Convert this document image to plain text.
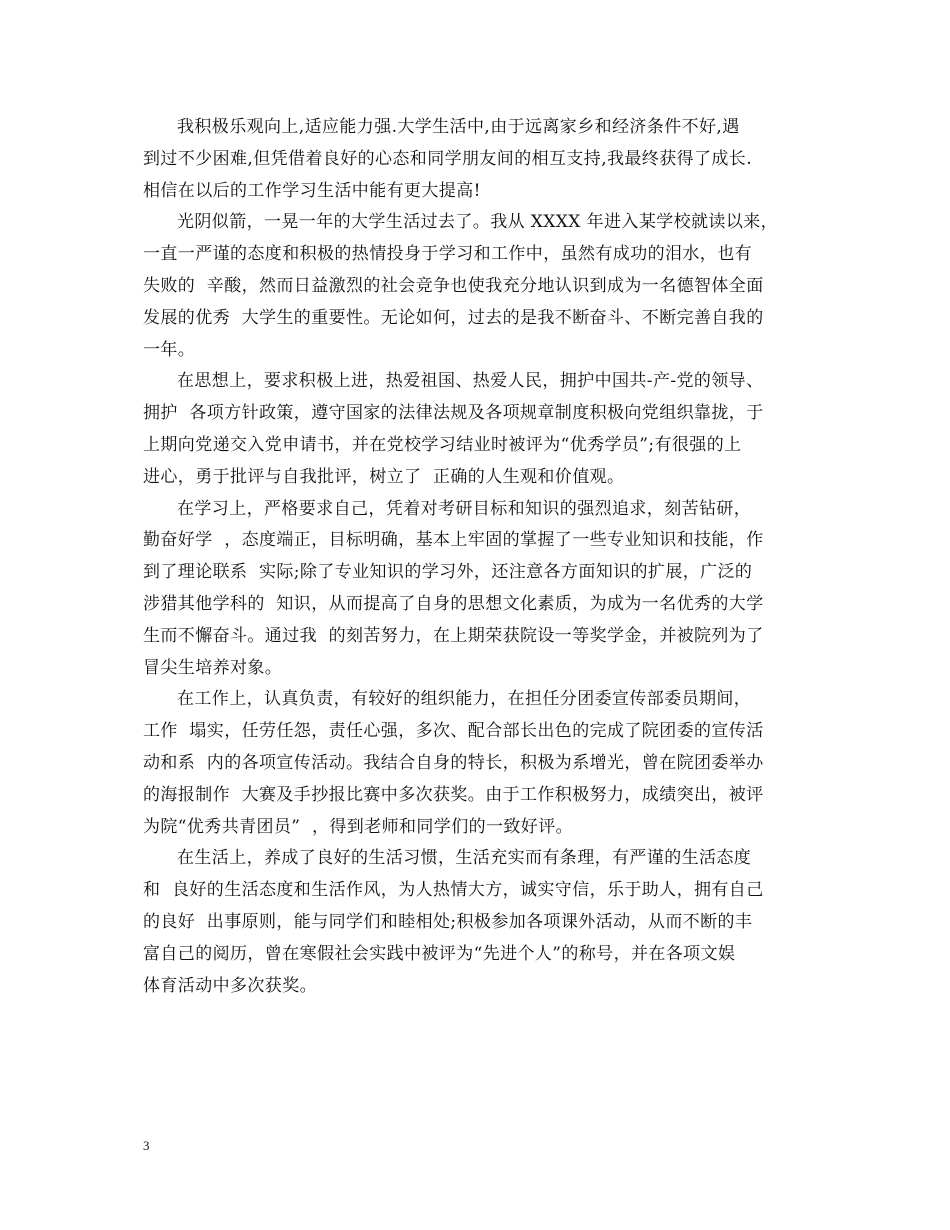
我积极乐观向上,适应能力强.大学生活中,由于远离家乡和经济条件不好,遇
到过不少困难,但凭借着良好的心态和同学朋友间的相互支持,我最终获得了成长.
相信在以后的工作学习生活中能有更大提高!
光阴似箭，一晃一年的大学生活过去了。我从 XXXX 年进入某学校就读以来，
一直一严谨的态度和积极的热情投身于学习和工作中，虽然有成功的泪水，也有
失败的  辛酸，然而日益激烈的社会竞争也使我充分地认识到成为一名德智体全面
发展的优秀  大学生的重要性。无论如何，过去的是我不断奋斗、不断完善自我的
一年。
在思想上，要求积极上进，热爱祖国、热爱人民，拥护中国共-产-党的领导、
拥护  各项方针政策，遵守国家的法律法规及各项规章制度积极向党组织靠拢，于
上期向党递交入党申请书，并在党校学习结业时被评为“优秀学员”;有很强的上
进心，勇于批评与自我批评，树立了  正确的人生观和价值观。
在学习上，严格要求自己，凭着对考研目标和知识的强烈追求，刻苦钻研，
勤奋好学  ，态度端正，目标明确，基本上牢固的掌握了一些专业知识和技能，作
到了理论联系  实际;除了专业知识的学习外，还注意各方面知识的扩展，广泛的
涉猎其他学科的  知识，从而提高了自身的思想文化素质，为成为一名优秀的大学
生而不懈奋斗。通过我  的刻苦努力，在上期荣获院设一等奖学金，并被院列为了
冒尖生培养对象。
在工作上，认真负责，有较好的组织能力，在担任分团委宣传部委员期间，
工作  塌实，任劳任怨，责任心强，多次、配合部长出色的完成了院团委的宣传活
动和系  内的各项宣传活动。我结合自身的特长，积极为系增光，曾在院团委举办
的海报制作  大赛及手抄报比赛中多次获奖。由于工作积极努力，成绩突出，被评
为院“优秀共青团员”  ，得到老师和同学们的一致好评。
在生活上，养成了良好的生活习惯，生活充实而有条理，有严谨的生活态度
和  良好的生活态度和生活作风，为人热情大方，诚实守信，乐于助人，拥有自己
的良好  出事原则，能与同学们和睦相处;积极参加各项课外活动，从而不断的丰
富自己的阅历，曾在寒假社会实践中被评为“先进个人”的称号，并在各项文娱
体育活动中多次获奖。
3
